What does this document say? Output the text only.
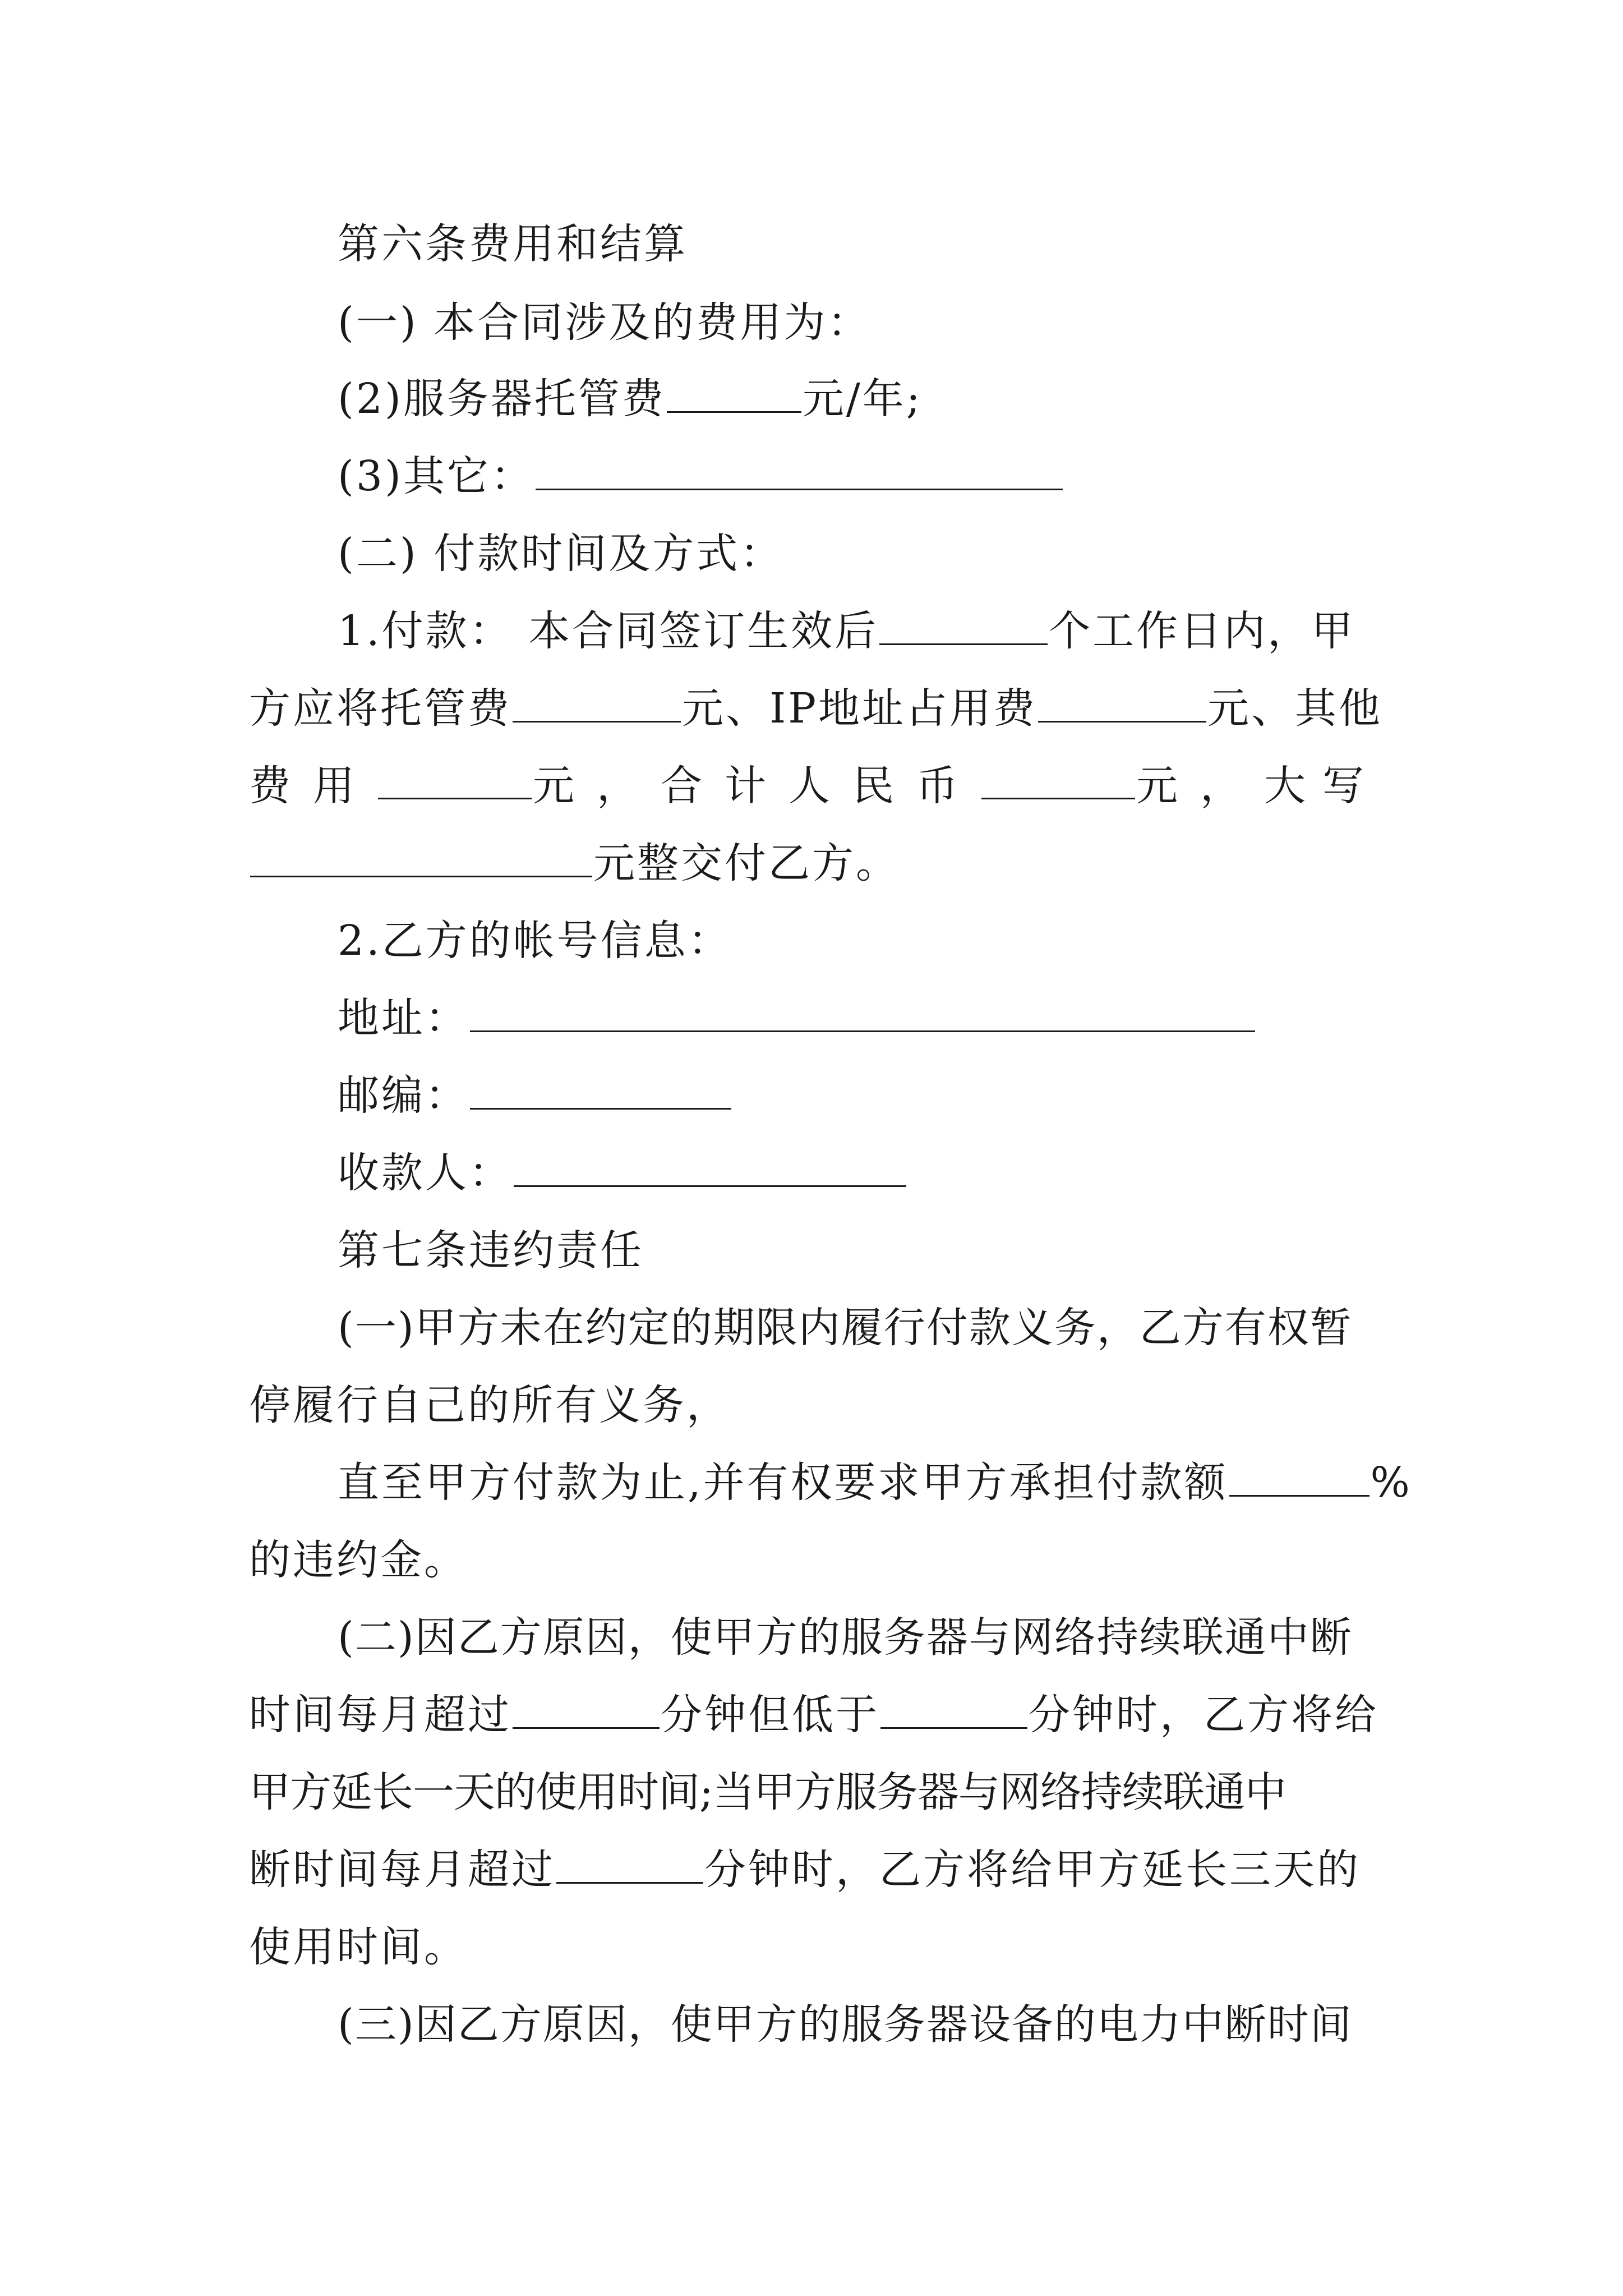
第六条费用和结算
(一) 本合同涉及的费用为：
(2)服务器托管费	元/年;
(3)其它：
(二) 付款时间及方式：
1.付款： 本合同签订生效后	个工作日内，甲
方应将托管费	元、IP地址占用费	元、其他
费用	元， 合计人民币	元， 大写
元整交付乙方。
2.乙方的帐号信息：
地址：
邮编：
收款人：
第七条违约责任
(一)甲方未在约定的期限内履行付款义务，乙方有权暂
停履行自己的所有义务，
直至甲方付款为止,并有权要求甲方承担付款额	%
的违约金。
(二)因乙方原因，使甲方的服务器与网络持续联通中断
时间每月超过	分钟但低于	分钟时，乙方将给
甲方延长一天的使用时间;当甲方服务器与网络持续联通中
断时间每月超过	分钟时，乙方将给甲方延长三天的
使用时间。
(三)因乙方原因，使甲方的服务器设备的电力中断时间
